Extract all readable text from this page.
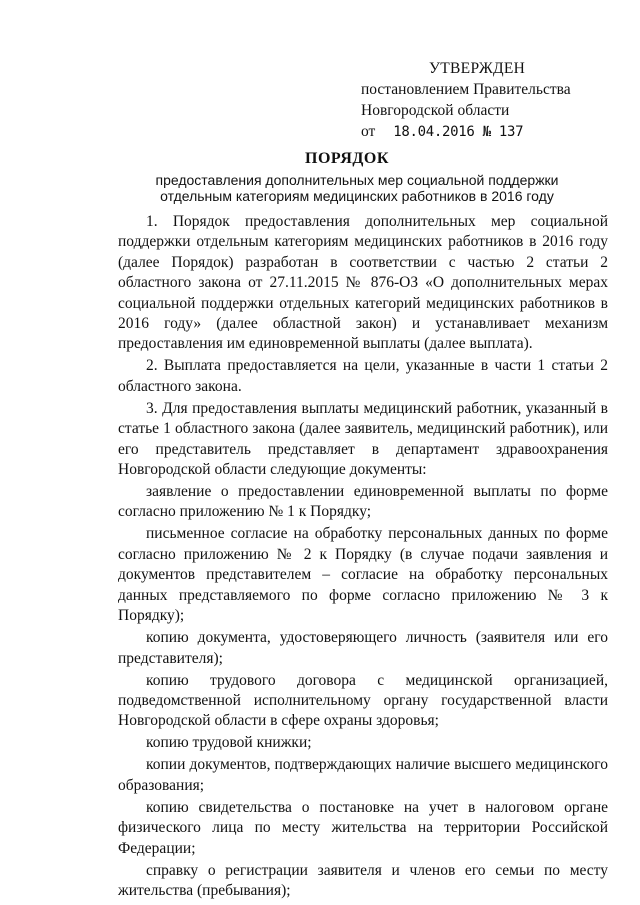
УТВЕРЖДЕН
постановлением Правительства
Новгородской области
от 18.04.2016 № 137
ПОРЯДОК
предоставления дополнительных мер социальной поддержки отдельным категориям медицинских работников в 2016 году

1. Порядок предоставления дополнительных мер социальной поддержки отдельным категориям медицинских работников в 2016 году (далее Порядок) разработан в соответствии с частью 2 статьи 2 областного закона от 27.11.2015 № 876-ОЗ «О дополнительных мерах социальной поддержки отдельных категорий медицинских работников в 2016 году» (далее областной закон) и устанавливает механизм предоставления им единовременной выплаты (далее выплата).

2. Выплата предоставляется на цели, указанные в части 1 статьи 2 областного закона.

3. Для предоставления выплаты медицинский работник, указанный в статье 1 областного закона (далее заявитель, медицинский работник), или его представитель представляет в департамент здравоохранения Новгородской области следующие документы:

заявление о предоставлении единовременной выплаты по форме согласно приложению № 1 к Порядку;

письменное согласие на обработку персональных данных по форме согласно приложению № 2 к Порядку (в случае подачи заявления и документов представителем – согласие на обработку персональных данных представляемого по форме согласно приложению № 3 к Порядку);

копию документа, удостоверяющего личность (заявителя или его представителя);

копию трудового договора с медицинской организацией, подведомственной исполнительному органу государственной власти Новгородской области в сфере охраны здоровья;

копию трудовой книжки;

копии документов, подтверждающих наличие высшего медицинского образования;

копию свидетельства о постановке на учет в налоговом органе физического лица по месту жительства на территории Российской Федерации;

справку о регистрации заявителя и членов его семьи по месту жительства (пребывания);
